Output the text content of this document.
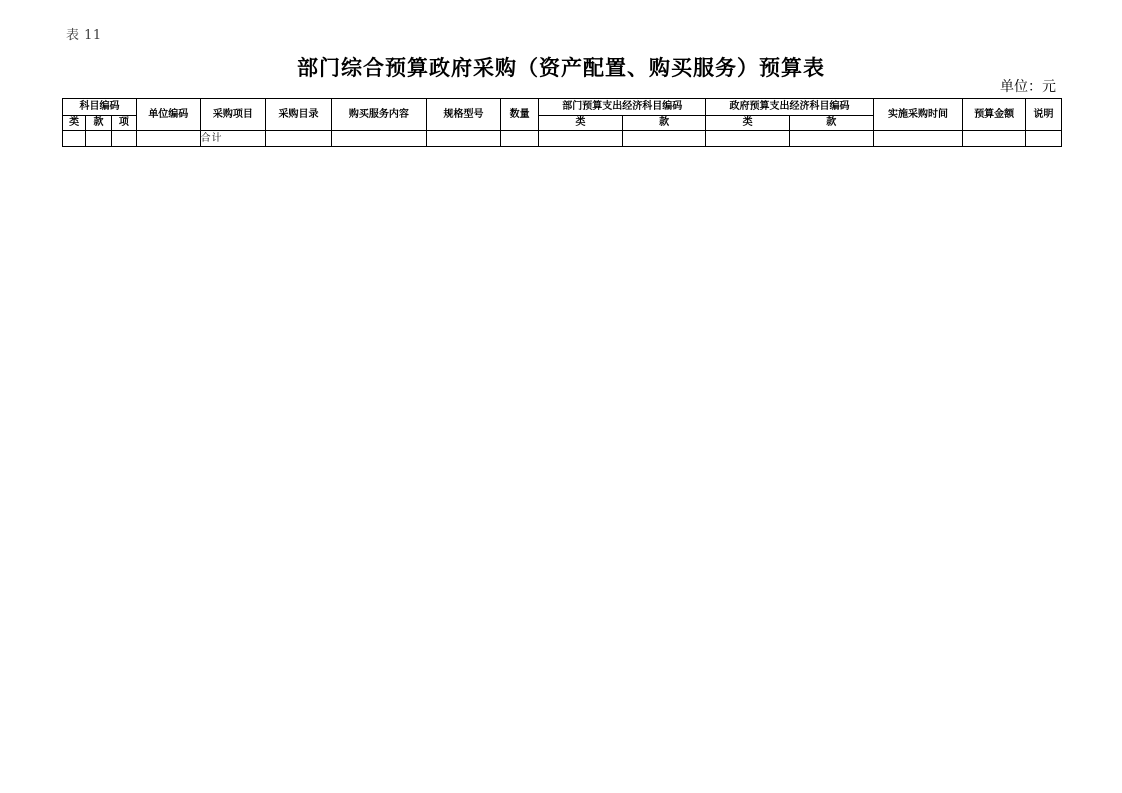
表 11
部门综合预算政府采购（资产配置、购买服务）预算表
单位：元
科目编码			单位编码	采购项目	采购目录	购买服务内容	规格型号	数量	部门预算支出经济科目编码		政府预算支出经济科目编码		实施采购时间	预算金额	说明
类	款	项							类	款	类	款			
				合计											
